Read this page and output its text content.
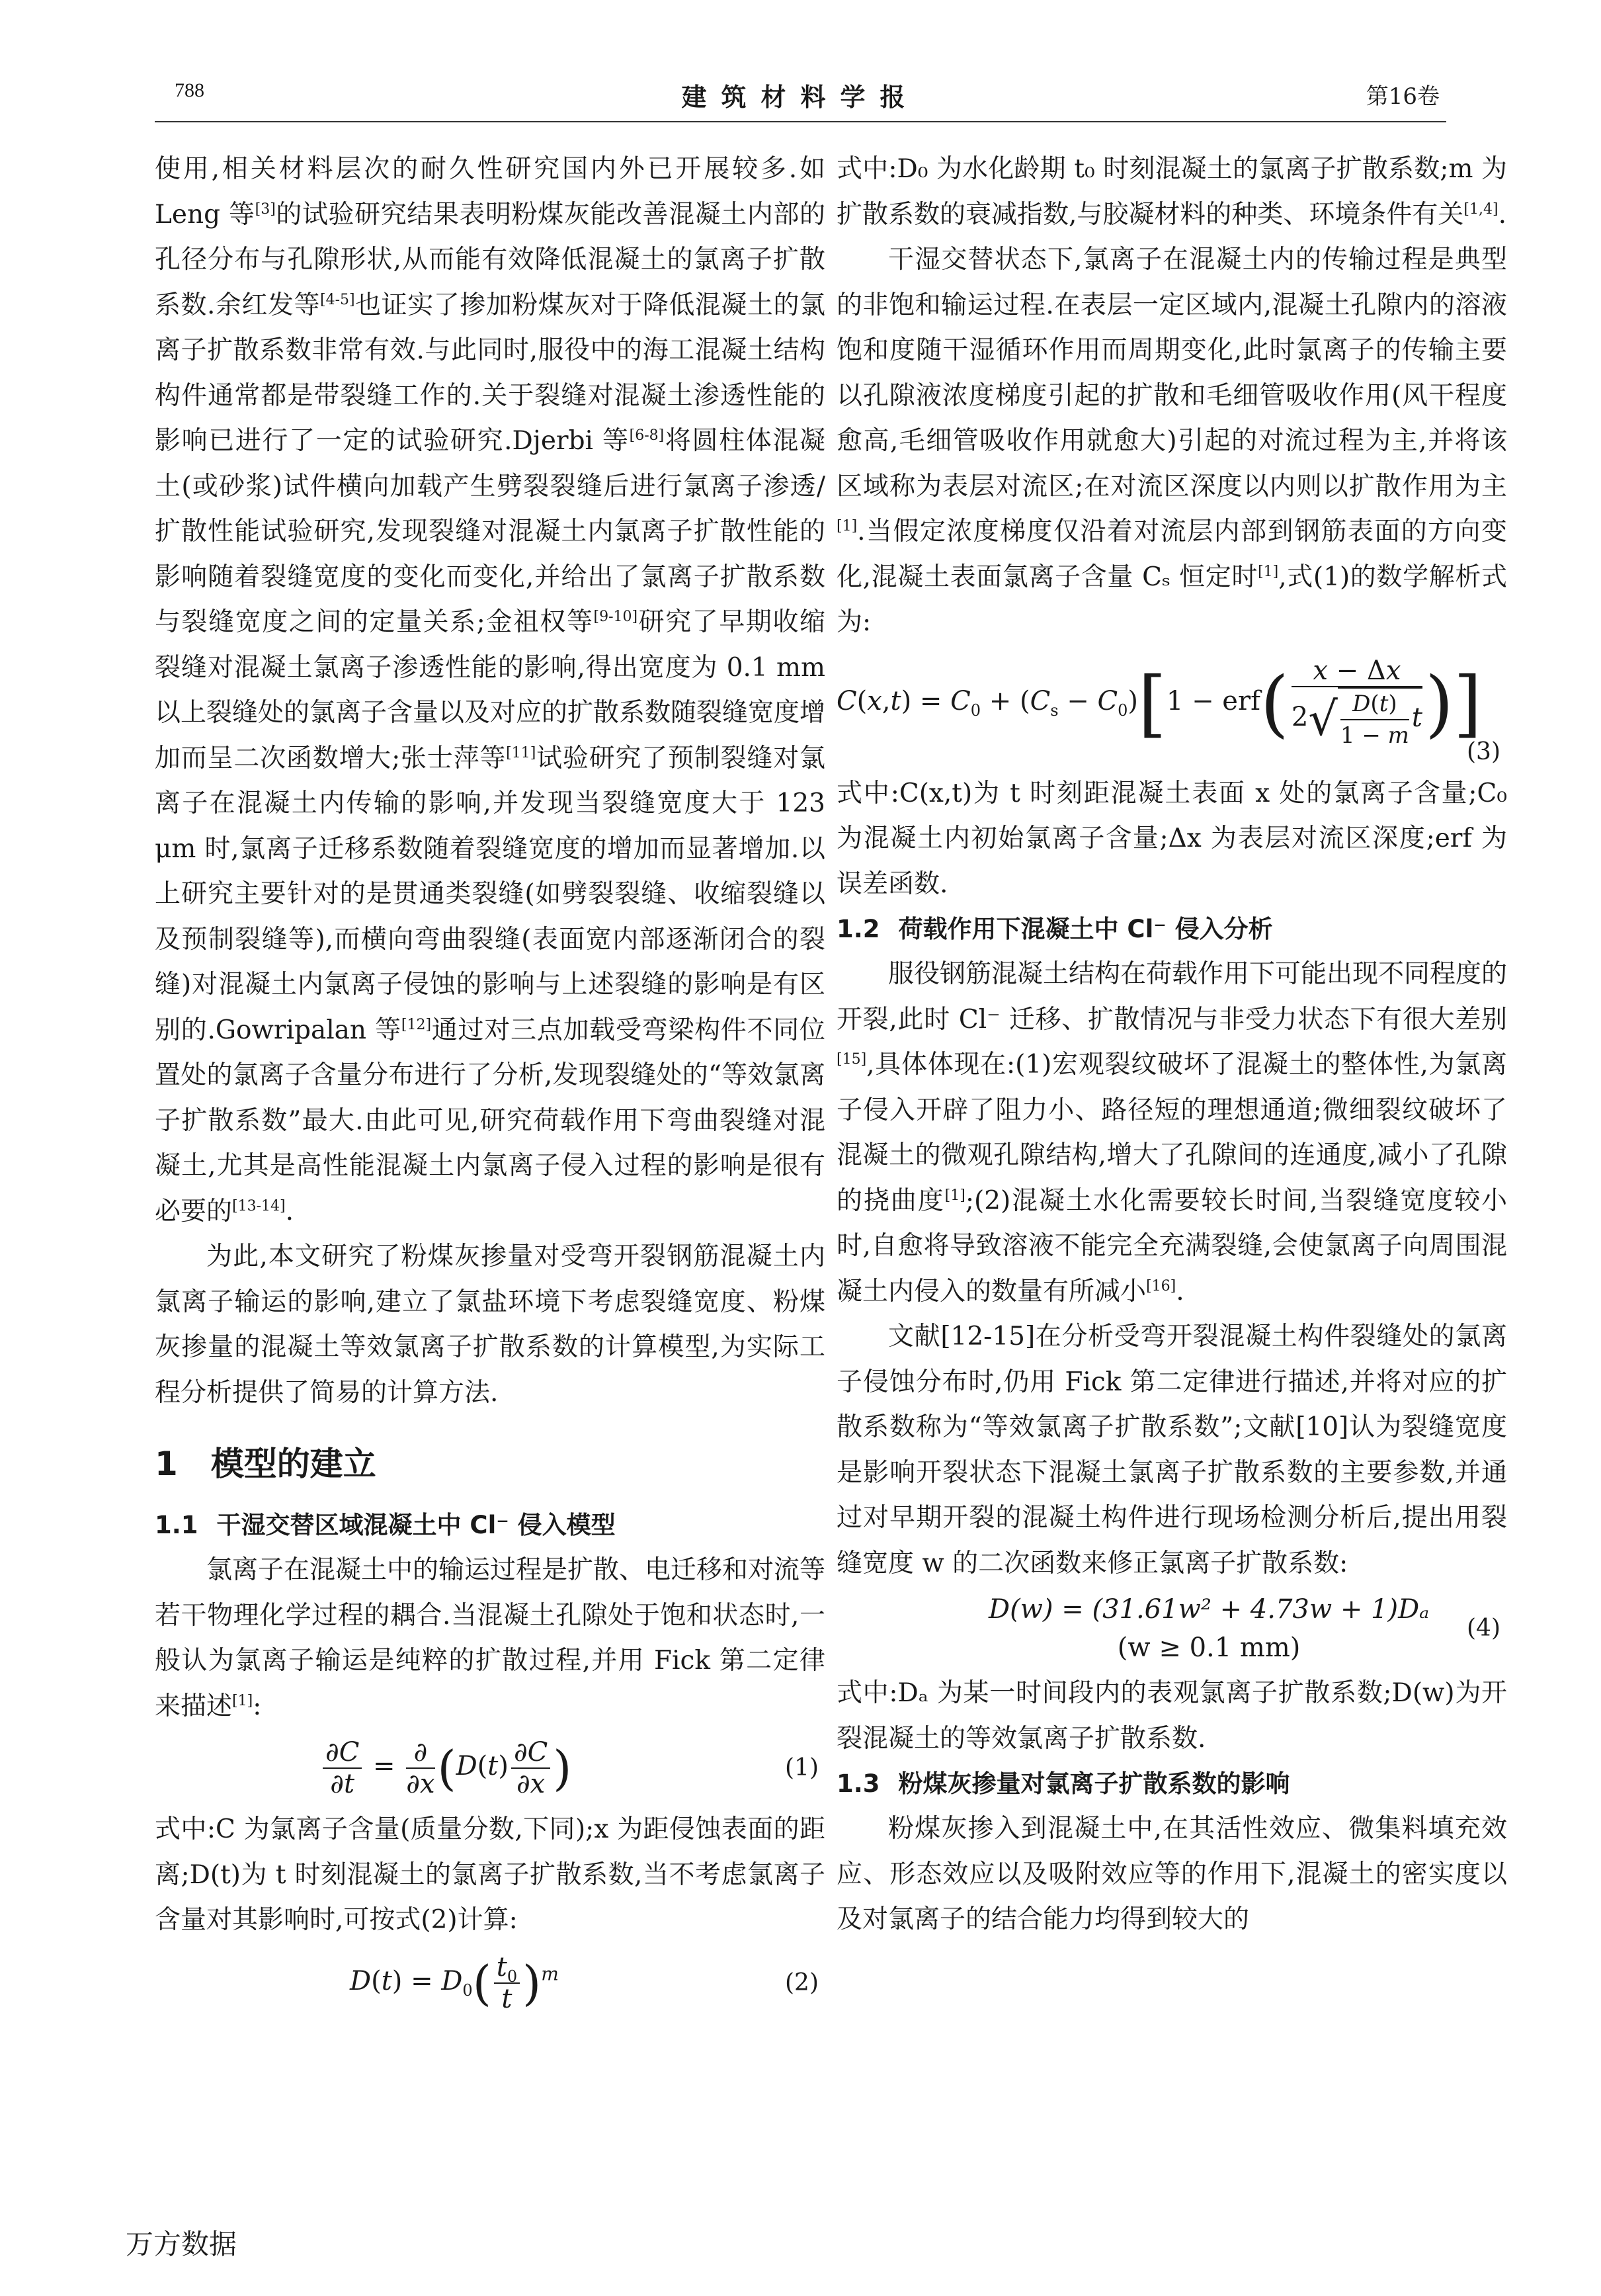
788	建筑材料学报	第16卷

使用,相关材料层次的耐久性研究国内外已开展较多.如 Leng 等[3]的试验研究结果表明粉煤灰能改善混凝土内部的孔径分布与孔隙形状,从而能有效降低混凝土的氯离子扩散系数.余红发等[4-5]也证实了掺加粉煤灰对于降低混凝土的氯离子扩散系数非常有效.与此同时,服役中的海工混凝土结构构件通常都是带裂缝工作的.关于裂缝对混凝土渗透性能的影响已进行了一定的试验研究.Djerbi 等[6-8]将圆柱体混凝土(或砂浆)试件横向加载产生劈裂裂缝后进行氯离子渗透/扩散性能试验研究,发现裂缝对混凝土内氯离子扩散性能的影响随着裂缝宽度的变化而变化,并给出了氯离子扩散系数与裂缝宽度之间的定量关系;金祖权等[9-10]研究了早期收缩裂缝对混凝土氯离子渗透性能的影响,得出宽度为 0.1 mm 以上裂缝处的氯离子含量以及对应的扩散系数随裂缝宽度增加而呈二次函数增大;张士萍等[11]试验研究了预制裂缝对氯离子在混凝土内传输的影响,并发现当裂缝宽度大于 123 μm 时,氯离子迁移系数随着裂缝宽度的增加而显著增加.以上研究主要针对的是贯通类裂缝(如劈裂裂缝、收缩裂缝以及预制裂缝等),而横向弯曲裂缝(表面宽内部逐渐闭合的裂缝)对混凝土内氯离子侵蚀的影响与上述裂缝的影响是有区别的.Gowripalan 等[12]通过对三点加载受弯梁构件不同位置处的氯离子含量分布进行了分析,发现裂缝处的“等效氯离子扩散系数”最大.由此可见,研究荷载作用下弯曲裂缝对混凝土,尤其是高性能混凝土内氯离子侵入过程的影响是很有必要的[13-14].

为此,本文研究了粉煤灰掺量对受弯开裂钢筋混凝土内氯离子输运的影响,建立了氯盐环境下考虑裂缝宽度、粉煤灰掺量的混凝土等效氯离子扩散系数的计算模型,为实际工程分析提供了简易的计算方法.

1 模型的建立
1.1 干湿交替区域混凝土中 Cl⁻ 侵入模型

氯离子在混凝土中的输运过程是扩散、电迁移和对流等若干物理化学过程的耦合.当混凝土孔隙处于饱和状态时,一般认为氯离子输运是纯粹的扩散过程,并用 Fick 第二定律来描述[1]:

$\frac{\partial C}{\partial t} = \frac{\partial}{\partial x} (D(t) \frac{\partial C}{\partial x}$ )	(1)

式中:C 为氯离子含量(质量分数,下同);x 为距侵蚀表面的距离;D(t)为 t 时刻混凝土的氯离子扩散系数,当不考虑氯离子含量对其影响时,可按式(2)计算:

$D(t) = D_0( \frac{t_0}{t} )^m$	(2)

式中:D₀ 为水化龄期 t₀ 时刻混凝土的氯离子扩散系数;m 为扩散系数的衰减指数,与胶凝材料的种类、环境条件有关[1,4].

干湿交替状态下,氯离子在混凝土内的传输过程是典型的非饱和输运过程.在表层一定区域内,混凝土孔隙内的溶液饱和度随干湿循环作用而周期变化,此时氯离子的传输主要以孔隙液浓度梯度引起的扩散和毛细管吸收作用(风干程度愈高,毛细管吸收作用就愈大)引起的对流过程为主,并将该区域称为表层对流区;在对流区深度以内则以扩散作用为主[1].当假定浓度梯度仅沿着对流层内部到钢筋表面的方向变化,混凝土表面氯离子含量 Cₛ 恒定时[1],式(1)的数学解析式为:

$C(x,t) = C_0 + (C_s - C_0)[1 - erf( \frac{x - \Delta x}{2√ \frac{D(t)}{1 - m} t}$ )]
(3)

式中:C(x,t)为 t 时刻距混凝土表面 x 处的氯离子含量;C₀ 为混凝土内初始氯离子含量;Δx 为表层对流区深度;erf 为误差函数.

1.2 荷载作用下混凝土中 Cl⁻ 侵入分析

服役钢筋混凝土结构在荷载作用下可能出现不同程度的开裂,此时 Cl⁻ 迁移、扩散情况与非受力状态下有很大差别[15],具体体现在:(1)宏观裂纹破坏了混凝土的整体性,为氯离子侵入开辟了阻力小、路径短的理想通道;微细裂纹破坏了混凝土的微观孔隙结构,增大了孔隙间的连通度,减小了孔隙的挠曲度[1];(2)混凝土水化需要较长时间,当裂缝宽度较小时,自愈将导致溶液不能完全充满裂缝,会使氯离子向周围混凝土内侵入的数量有所减小[16].

文献[12-15]在分析受弯开裂混凝土构件裂缝处的氯离子侵蚀分布时,仍用 Fick 第二定律进行描述,并将对应的扩散系数称为“等效氯离子扩散系数”;文献[10]认为裂缝宽度是影响开裂状态下混凝土氯离子扩散系数的主要参数,并通过对早期开裂的混凝土构件进行现场检测分析后,提出用裂缝宽度 w 的二次函数来修正氯离子扩散系数:

D(w) = (31.61w² + 4.73w + 1)Dₐ
(w ≥ 0.1 mm)
(4)

式中:Dₐ 为某一时间段内的表观氯离子扩散系数;D(w)为开裂混凝土的等效氯离子扩散系数.

1.3 粉煤灰掺量对氯离子扩散系数的影响

粉煤灰掺入到混凝土中,在其活性效应、微集料填充效应、形态效应以及吸附效应等的作用下,混凝土的密实度以及对氯离子的结合能力均得到较大的

万方数据
